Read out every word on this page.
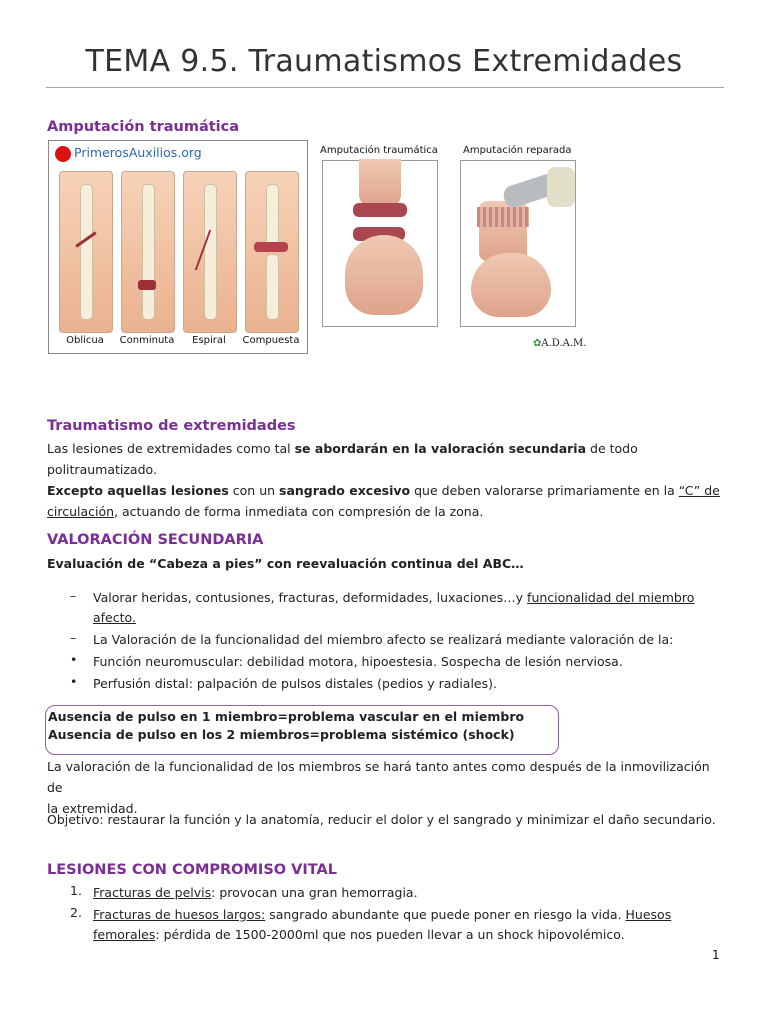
TEMA 9.5. Traumatismos Extremidades
Amputación traumática
PrimerosAuxilios.org
Oblicua	Conminuta	Espiral	Compuesta
Amputación traumática	Amputación reparada
✿A.D.A.M.
Traumatismo de extremidades
Las lesiones de extremidades como tal se abordarán en la valoración secundaria de todo politraumatizado.
Excepto aquellas lesiones con un sangrado excesivo que deben valorarse primariamente en la “C” de
circulación, actuando de forma inmediata con compresión de la zona.
VALORACIÓN SECUNDARIA
Evaluación de “Cabeza a pies” con reevaluación continua del ABC…
– Valorar heridas, contusiones, fracturas, deformidades, luxaciones…y funcionalidad del miembro
afecto.
– La Valoración de la funcionalidad del miembro afecto se realizará mediante valoración de la:
• Función neuromuscular: debilidad motora, hipoestesia. Sospecha de lesión nerviosa.
• Perfusión distal: palpación de pulsos distales (pedios y radiales).
Ausencia de pulso en 1 miembro=problema vascular en el miembro
Ausencia de pulso en los 2 miembros=problema sistémico (shock)
La valoración de la funcionalidad de los miembros se hará tanto antes como después de la inmovilización de
la extremidad.
Objetivo: restaurar la función y la anatomía, reducir el dolor y el sangrado y minimizar el daño secundario.
LESIONES CON COMPROMISO VITAL
1. Fracturas de pelvis: provocan una gran hemorragia.
2. Fracturas de huesos largos: sangrado abundante que puede poner en riesgo la vida. Huesos
femorales: pérdida de 1500-2000ml que nos pueden llevar a un shock hipovolémico.
1
